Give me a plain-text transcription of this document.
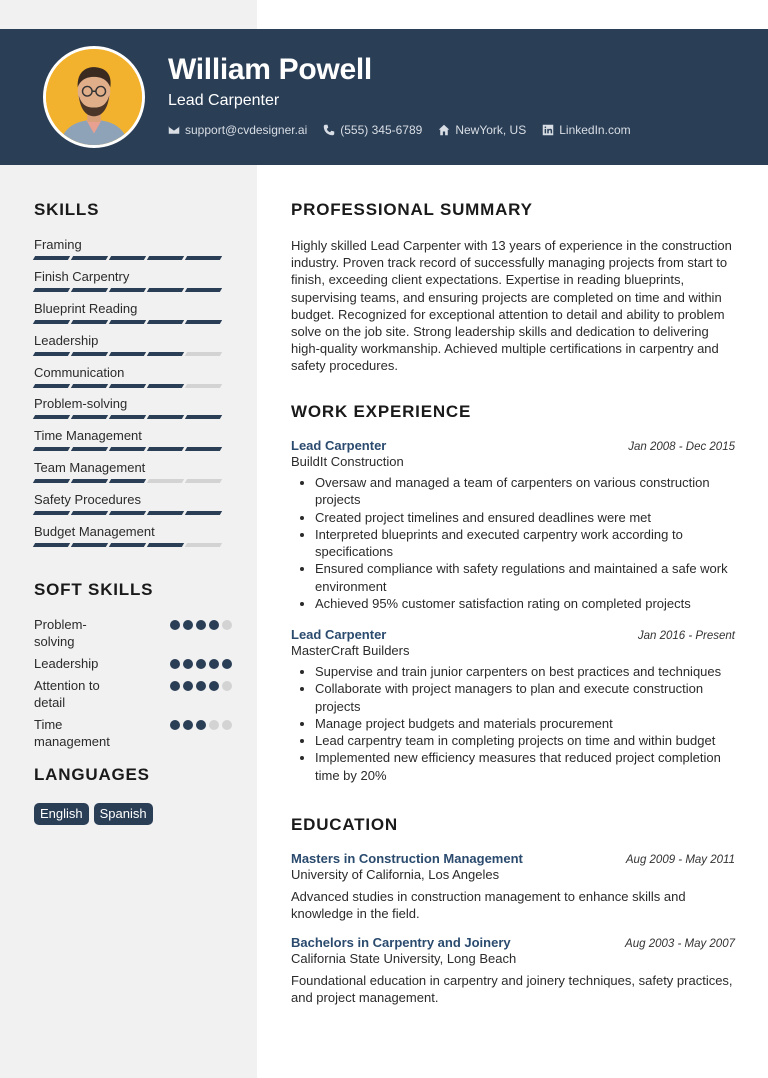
William Powell
Lead Carpenter
support@cvdesigner.ai	(555) 345-6789	NewYork, US	LinkedIn.com
SKILLS
Framing
Finish Carpentry
Blueprint Reading
Leadership
Communication
Problem-solving
Time Management
Team Management
Safety Procedures
Budget Management
SOFT SKILLS
Problem-solving
Leadership
Attention to detail
Time management
LANGUAGES
English	Spanish
PROFESSIONAL SUMMARY
Highly skilled Lead Carpenter with 13 years of experience in the construction industry. Proven track record of successfully managing projects from start to finish, exceeding client expectations. Expertise in reading blueprints, supervising teams, and ensuring projects are completed on time and within budget. Recognized for exceptional attention to detail and ability to problem solve on the job site. Strong leadership skills and dedication to delivering high-quality workmanship. Achieved multiple certifications in carpentry and safety procedures.
WORK EXPERIENCE
Lead Carpenter	Jan 2008 - Dec 2015
BuildIt Construction
• Oversaw and managed a team of carpenters on various construction projects
• Created project timelines and ensured deadlines were met
• Interpreted blueprints and executed carpentry work according to specifications
• Ensured compliance with safety regulations and maintained a safe work environment
• Achieved 95% customer satisfaction rating on completed projects
Lead Carpenter	Jan 2016 - Present
MasterCraft Builders
• Supervise and train junior carpenters on best practices and techniques
• Collaborate with project managers to plan and execute construction projects
• Manage project budgets and materials procurement
• Lead carpentry team in completing projects on time and within budget
• Implemented new efficiency measures that reduced project completion time by 20%
EDUCATION
Masters in Construction Management	Aug 2009 - May 2011
University of California, Los Angeles
Advanced studies in construction management to enhance skills and knowledge in the field.
Bachelors in Carpentry and Joinery	Aug 2003 - May 2007
California State University, Long Beach
Foundational education in carpentry and joinery techniques, safety practices, and project management.
